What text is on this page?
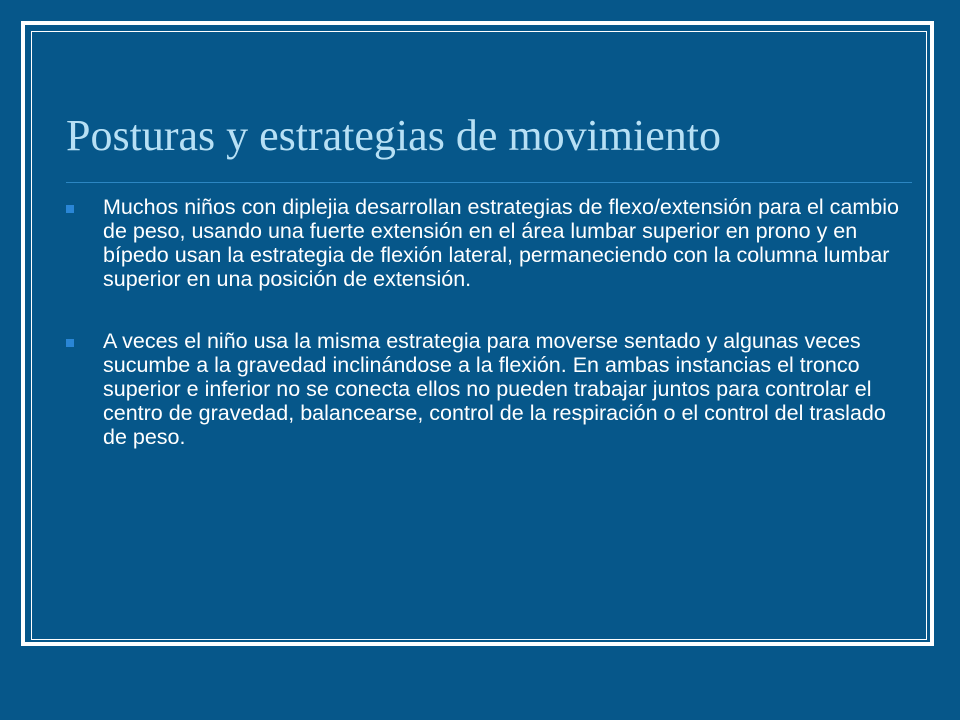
Posturas y estrategias de movimiento
Muchos niños con diplejia desarrollan estrategias de flexo/extensión para el cambio de peso, usando una fuerte extensión en el área lumbar superior en prono y en bípedo usan la estrategia de flexión lateral, permaneciendo con la columna lumbar superior en una posición de extensión.
A veces el niño usa la misma estrategia para moverse sentado y algunas veces sucumbe a la gravedad inclinándose a la flexión. En ambas instancias el tronco superior e inferior no se conecta ellos no pueden trabajar juntos para controlar el centro de gravedad, balancearse, control de la respiración o el control del traslado de peso.
